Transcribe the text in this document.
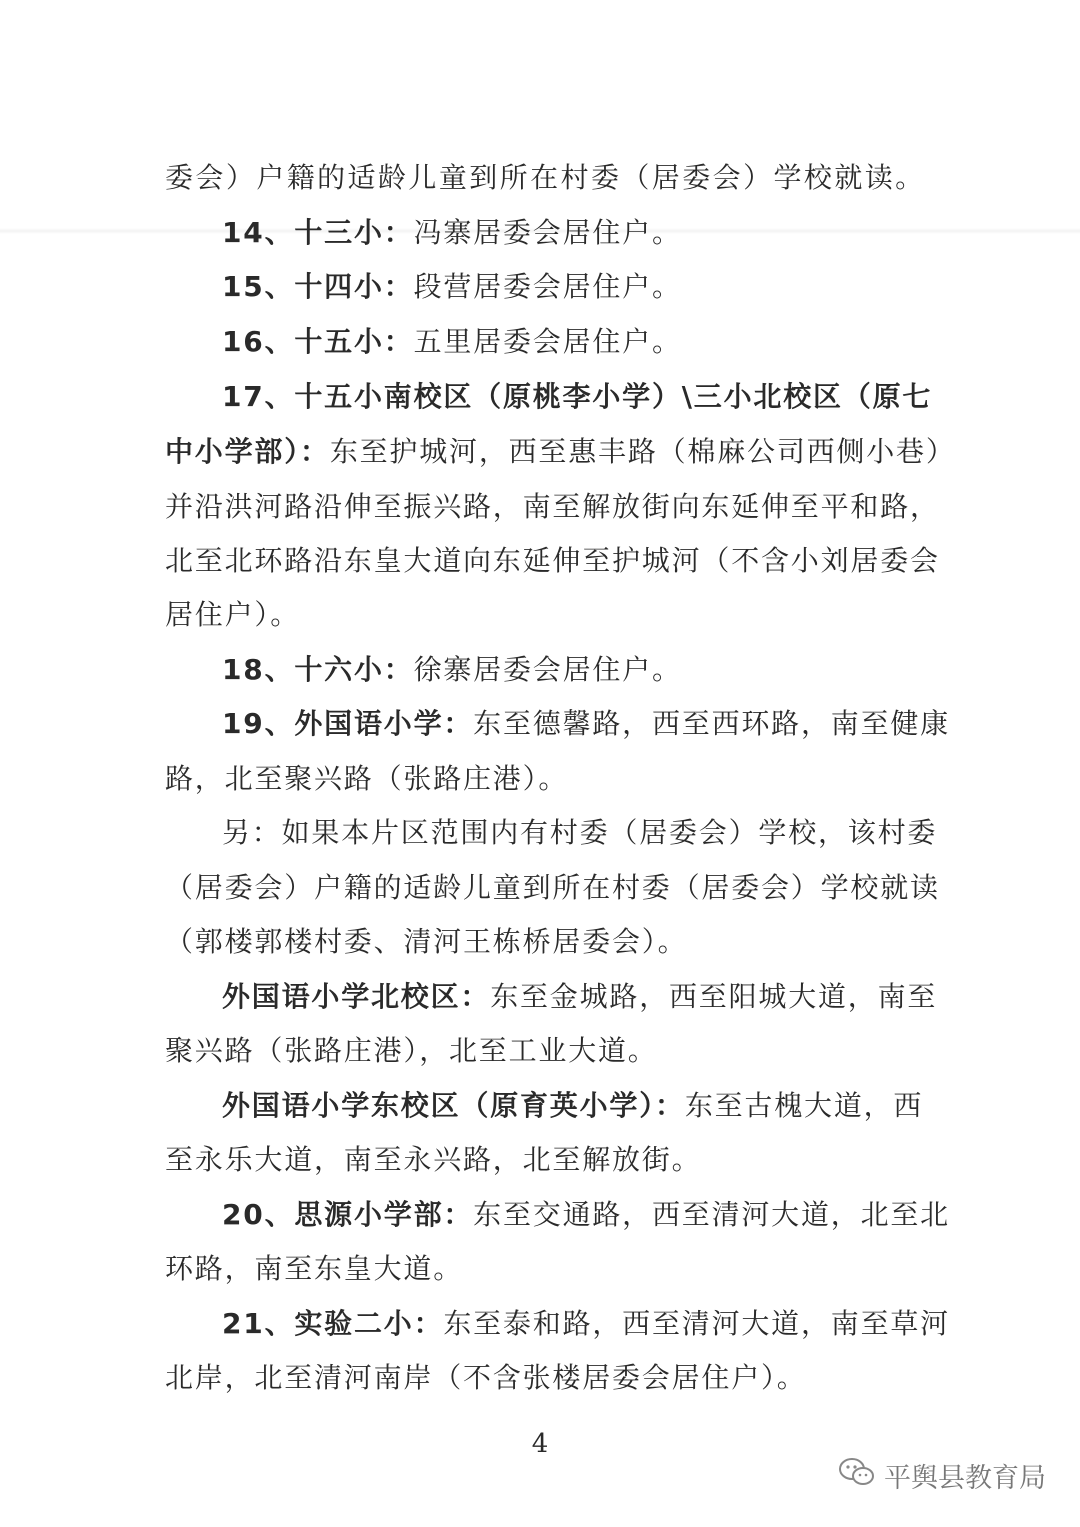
委会）户籍的适龄儿童到所在村委（居委会）学校就读。
14、十三小：冯寨居委会居住户。
15、十四小：段营居委会居住户。
16、十五小：五里居委会居住户。
17、十五小南校区（原桃李小学）\三小北校区（原七
中小学部）：东至护城河，西至惠丰路（棉麻公司西侧小巷）
并沿洪河路沿伸至振兴路，南至解放街向东延伸至平和路，
北至北环路沿东皇大道向东延伸至护城河（不含小刘居委会
居住户）。
18、十六小：徐寨居委会居住户。
19、外国语小学：东至德馨路，西至西环路，南至健康
路，北至聚兴路（张路庄港）。
另：如果本片区范围内有村委（居委会）学校，该村委
（居委会）户籍的适龄儿童到所在村委（居委会）学校就读
（郭楼郭楼村委、清河王栋桥居委会）。
外国语小学北校区：东至金城路，西至阳城大道，南至
聚兴路（张路庄港），北至工业大道。
外国语小学东校区（原育英小学）：东至古槐大道，西
至永乐大道，南至永兴路，北至解放街。
20、思源小学部：东至交通路，西至清河大道，北至北
环路，南至东皇大道。
21、实验二小：东至泰和路，西至清河大道，南至草河
北岸，北至清河南岸（不含张楼居委会居住户）。
4
平舆县教育局
